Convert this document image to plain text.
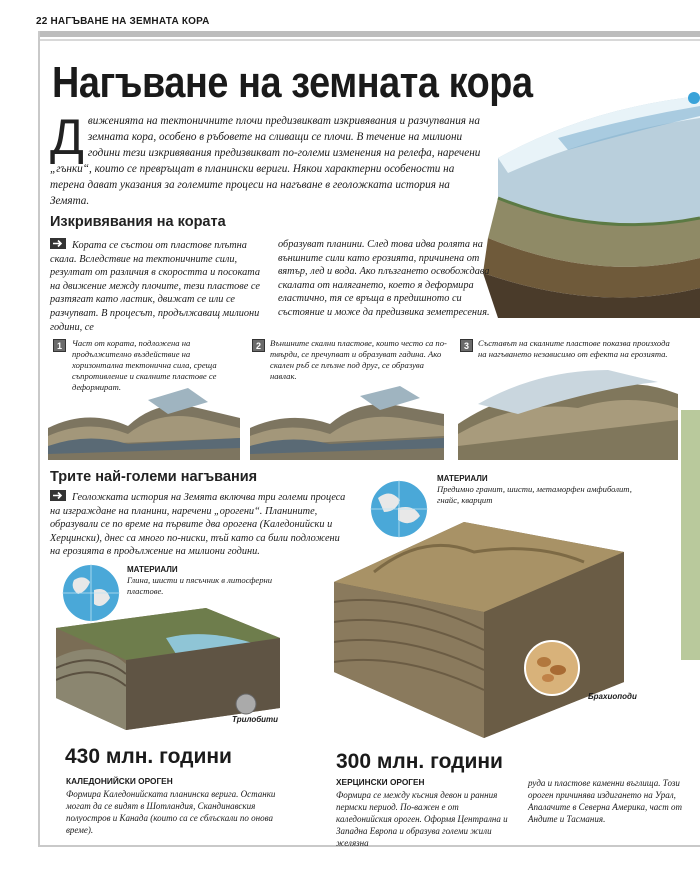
22 НАГЪВАНЕ НА ЗЕМНАТА КОРА
Нагъване на земната кора
Д виженията на тектоничните плочи предизвикват изкривявания и разчупвания на земната кора, особено в ръбовете на сливащи се плочи. В течение на милиони години тези изкривявания предизвикват по-големи изменения на релефа, наречени „гънки“, които се превръщат в планински вериги. Някои характерни особености на терена дават указания за големите процеси на нагъване в геоложката история на Земята.
Изкривявания на кората
Кората се състои от пластове плътна скала. Вследствие на тектоничните сили, резултат от различия в скоростта и посоката на движение между плочите, тези пластове се разтягат като ластик, движат се или се разчупват. В процесът, продължаващ милиони години, се
образуват планини. След това идва ролята на външните сили като ерозията, причинена от вятър, лед и вода. Ако плъзгането освобождава скалата от налягането, което я деформира еластично, тя се връща в предишното си състояние и може да предизвика земетресения.
1	Част от кората, подложена на продължително въздействие на хоризонтална тектонична сила, среща съпротивление и скалните пластове се деформират.
2	Външните скални пластове, които често са по-твърди, се пречупват и образуват гадина. Ако скален ръб се плъзне под друг, се образува навлак.
3	Съставът на скалните пластове показва произхода на нагъването независимо от ефекта на ерозията.
Трите най-големи нагъвания
Геоложката история на Земята включва три големи процеса на изграждане на планини, наречени „орогени“. Планините, образували се по време на първите два орогена (Каледонийски и Херцински), днес са много по-ниски, тъй като са били подложени на ерозията в продължение на милиони години.
МАТЕРИАЛИ
Глина, шисти и пясъчник в литосферни пластове.
Трилобити
МАТЕРИАЛИ
Предимно гранит, шисти, метаморфен амфиболит, гнайс, кварцит
Брахиоподи
430 млн. години
КАЛЕДОНИЙСКИ ОРОГЕН
Формира Каледонийската планинска верига. Останки могат да се видят в Шотландия, Скандинавския полуостров и Канада (които са се сблъскали по онова време).
300 млн. години
ХЕРЦИНСКИ ОРОГЕН
Формира се между късния девон и ранния пермски период. По-важен е от каледонийския ороген. Оформя Централна и Западна Европа и образува големи жили желязна
руда и пластове каменни въглища. Този ороген причинява издигането на Урал, Апалачите в Северна Америка, част от Андите и Тасмания.
